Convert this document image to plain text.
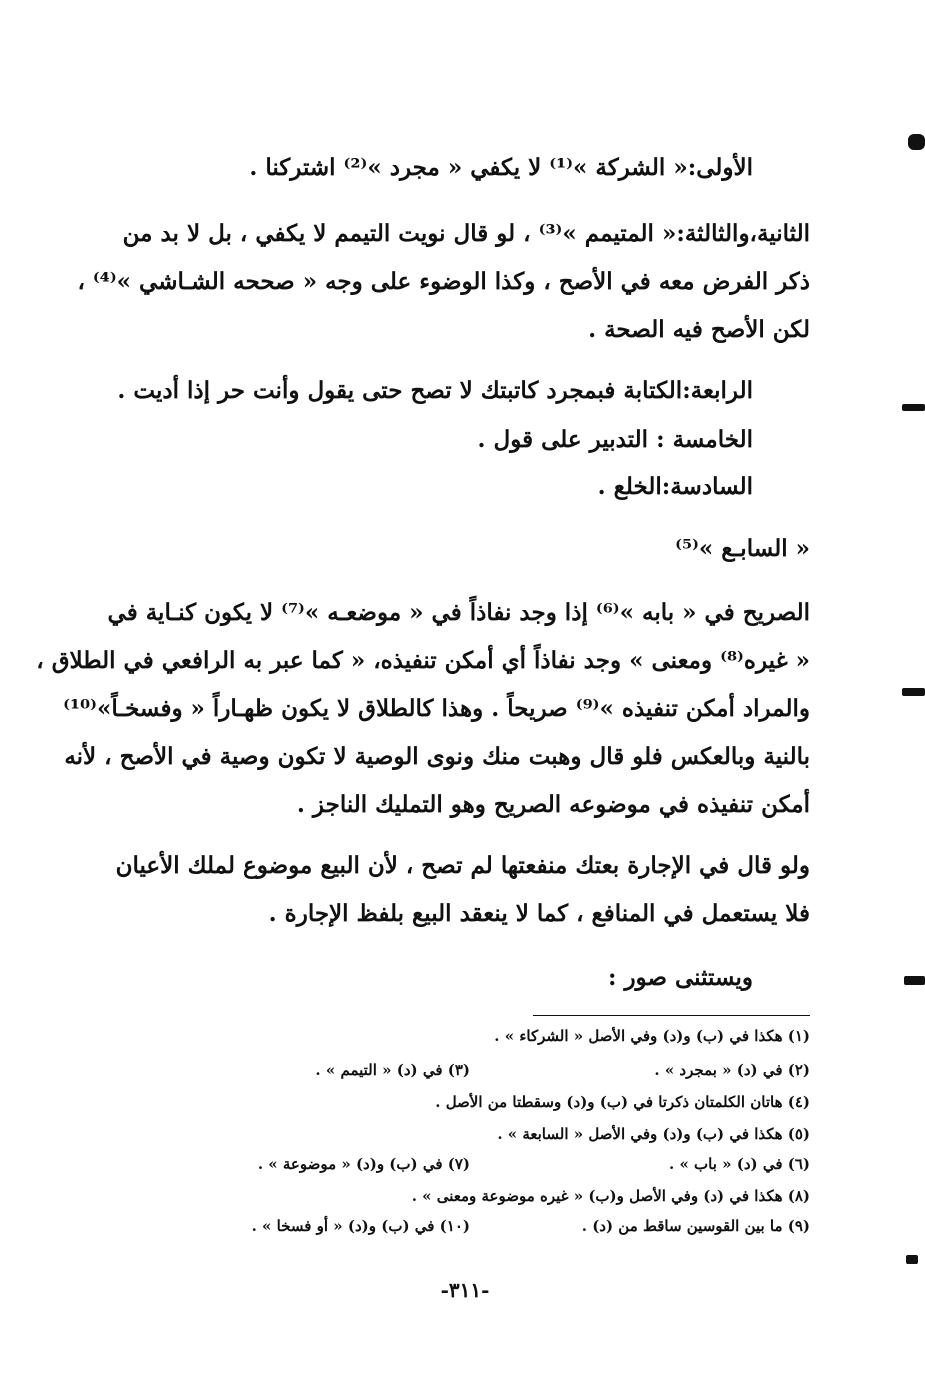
الأولى:« الشركة »⁽¹⁾ لا يكفي « مجرد »⁽²⁾ اشتركنا .
الثانية،والثالثة:« المتيمم »⁽³⁾ ، لو قال نويت التيمم لا يكفي ، بل لا بد من
ذكر الفرض معه في الأصح ، وكذا الوضوء على وجه « صححه الشـاشي »⁽⁴⁾ ،
لكن الأصح فيه الصحة .
الرابعة:الكتابة فبمجرد كاتبتك لا تصح حتى يقول وأنت حر إذا أديت .
الخامسة : التدبير على قول .
السادسة:الخلع .
« السابـع »⁽⁵⁾
الصريح في « بابه »⁽⁶⁾ إذا وجد نفاذاً في « موضعـه »⁽⁷⁾ لا يكون كنـاية في
« غيره⁽⁸⁾ ومعنى » وجد نفاذاً أي أمكن تنفيذه، « كما عبر به الرافعي في الطلاق ،
والمراد أمكن تنفيذه »⁽⁹⁾ صريحاً . وهذا كالطلاق لا يكون ظهـاراً « وفسخـاً»⁽¹⁰⁾
بالنية وبالعكس فلو قال وهبت منك ونوى الوصية لا تكون وصية في الأصح ، لأنه
أمكن تنفيذه في موضوعه الصريح وهو التمليك الناجز .
ولو قال في الإجارة بعتك منفعتها لم تصح ، لأن البيع موضوع لملك الأعيان
فلا يستعمل في المنافع ، كما لا ينعقد البيع بلفظ الإجارة .
ويستثنى صور :
(١) هكذا في (ب) و(د) وفي الأصل « الشركاء » .
(٢) في (د) « بمجرد » .
(٣) في (د) « التيمم » .
(٤) هاتان الكلمتان ذكرتا في (ب) و(د) وسقطتا من الأصل .
(٥) هكذا في (ب) و(د) وفي الأصل « السابعة » .
(٦) في (د) « باب » .
(٧) في (ب) و(د) « موضوعة » .
(٨) هكذا في (د) وفي الأصل و(ب) « غيره موضوعة ومعنى » .
(٩) ما بين القوسين ساقط من (د) .
(١٠) في (ب) و(د) « أو فسخا » .
-٣١١-
